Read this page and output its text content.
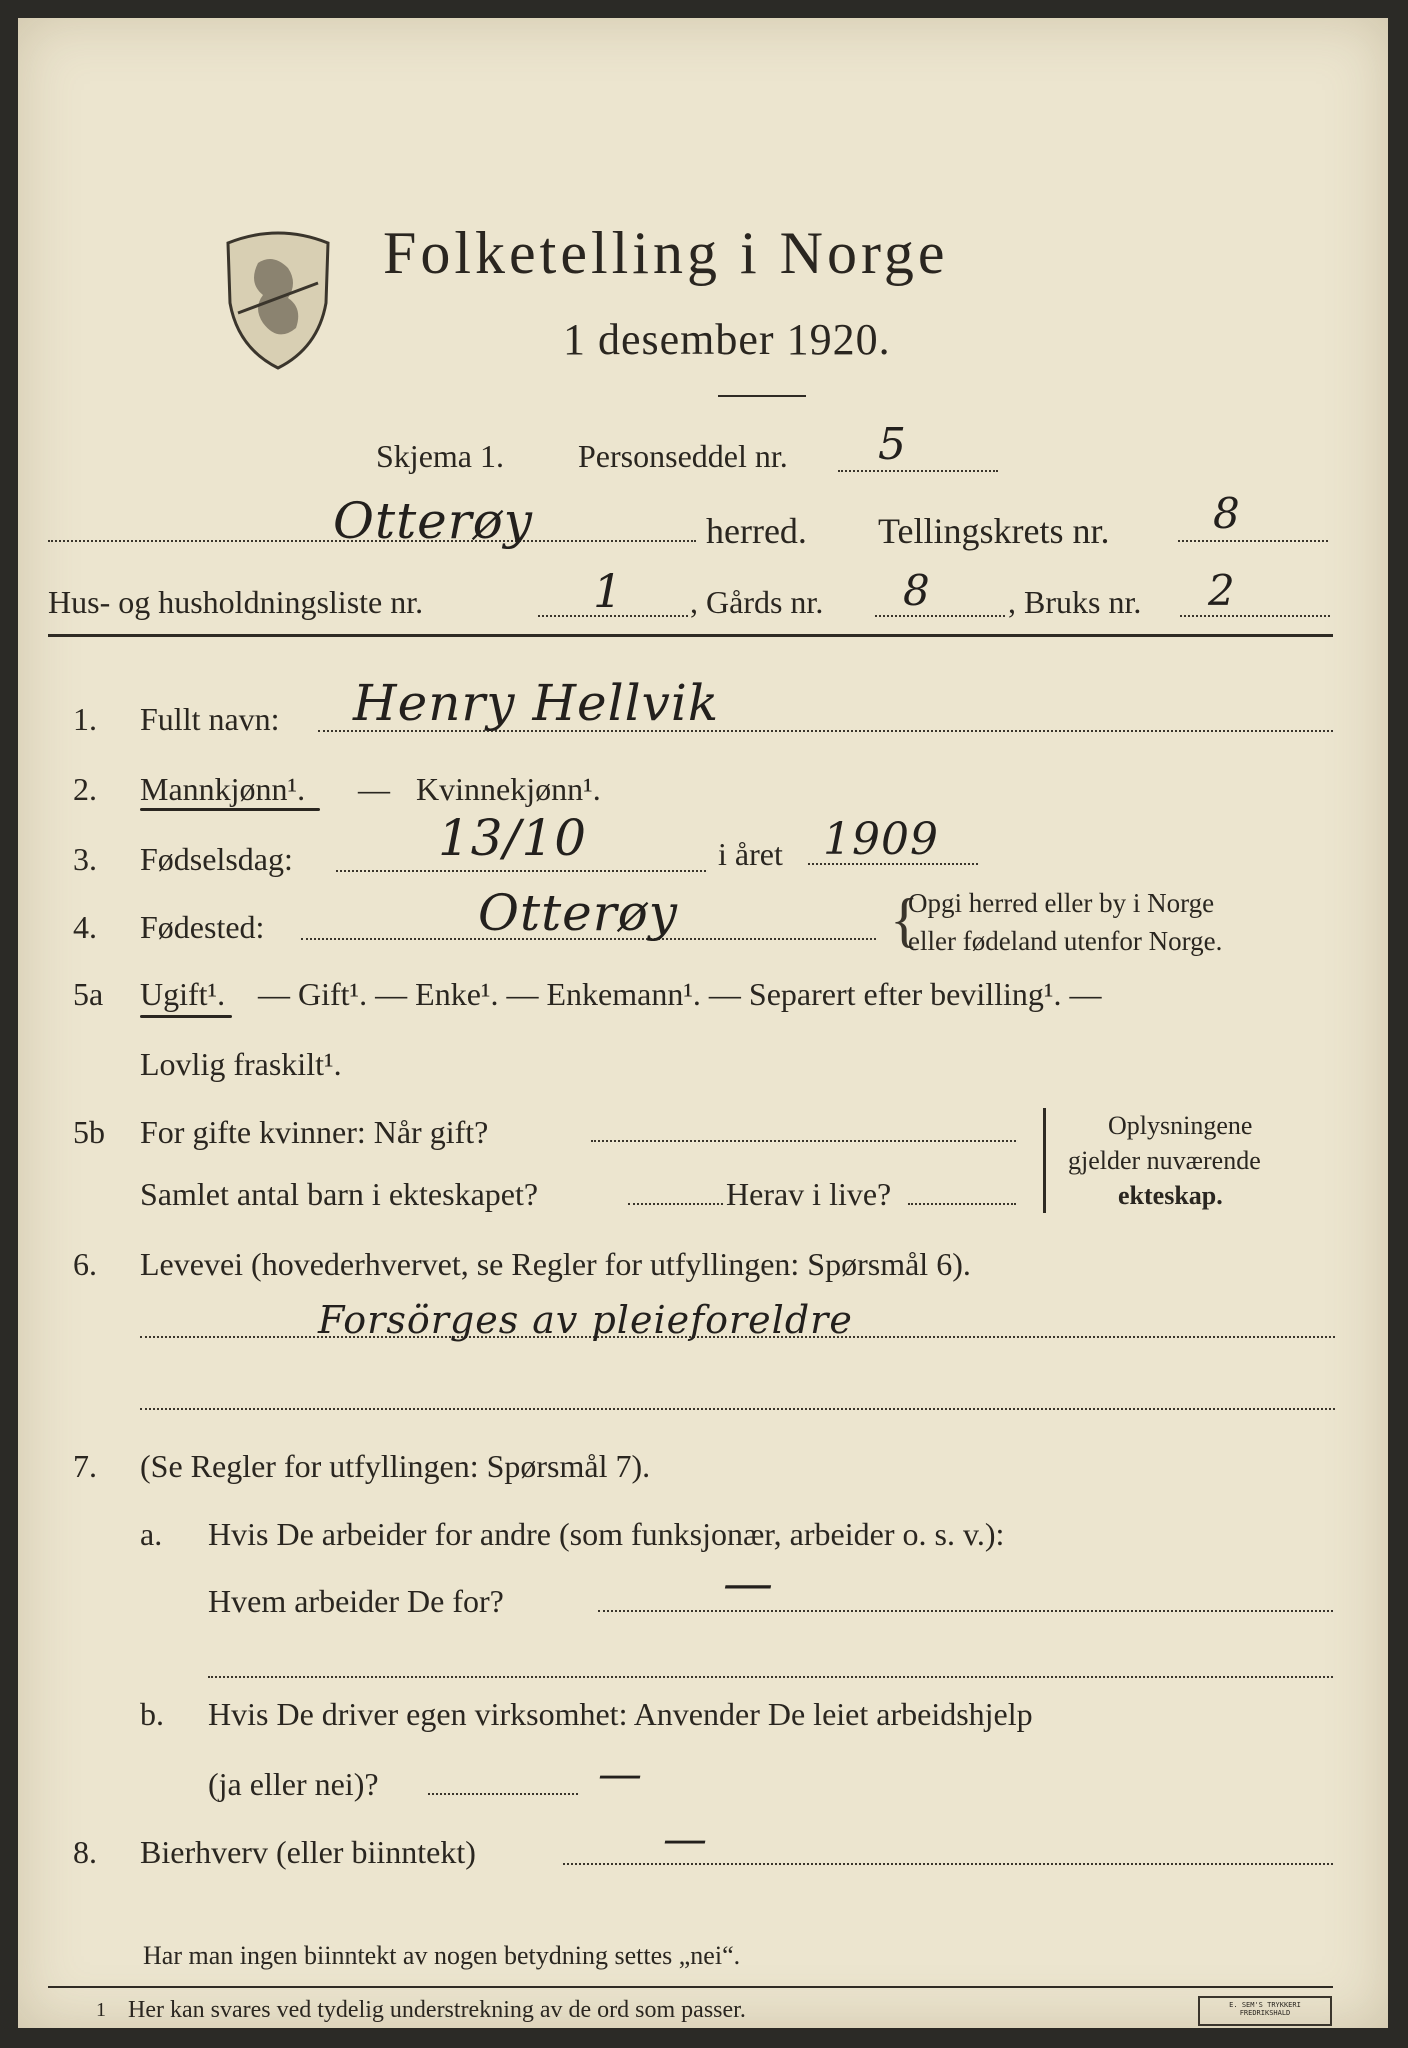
Folketelling i Norge
1 desember 1920.
Skjema 1. Personseddel nr. 5
Otterøy	herred. Tellingskrets nr. 8
Hus- og husholdningsliste nr.	1 , Gårds nr. 8 , Bruks nr. 2
1. Fullt navn: Henry Hellvik
2. Mannkjønn¹. — Kvinnekjønn¹.
3. Fødselsdag:	13/10	i året 1909
4. Fødested:	Otterøy	{
Opgi herred eller by i Norge
eller fødeland utenfor Norge.
5a Ugift¹. — Gift¹. — Enke¹. — Enkemann¹. — Separert efter bevilling¹. —
Lovlig fraskilt¹.
5b For gifte kvinner: Når gift?
Samlet antal barn i ekteskapet?	Herav i live?
Oplysningene
gjelder nuværende
ekteskap.
6. Levevei (hovederhvervet, se Regler for utfyllingen: Spørsmål 6).
Forsörges av pleieforeldre
7. (Se Regler for utfyllingen: Spørsmål 7).
a. Hvis De arbeider for andre (som funksjonær, arbeider o. s. v.):
Hvem arbeider De for?	—
b. Hvis De driver egen virksomhet: Anvender De leiet arbeidshjelp
(ja eller nei)?	—
8. Bierhverv (eller biinntekt)	—
Har man ingen biinntekt av nogen betydning settes „nei“.
1 Her kan svares ved tydelig understrekning av de ord som passer.	E. SEM'S TRYKKERI
FREDRIKSHALD
